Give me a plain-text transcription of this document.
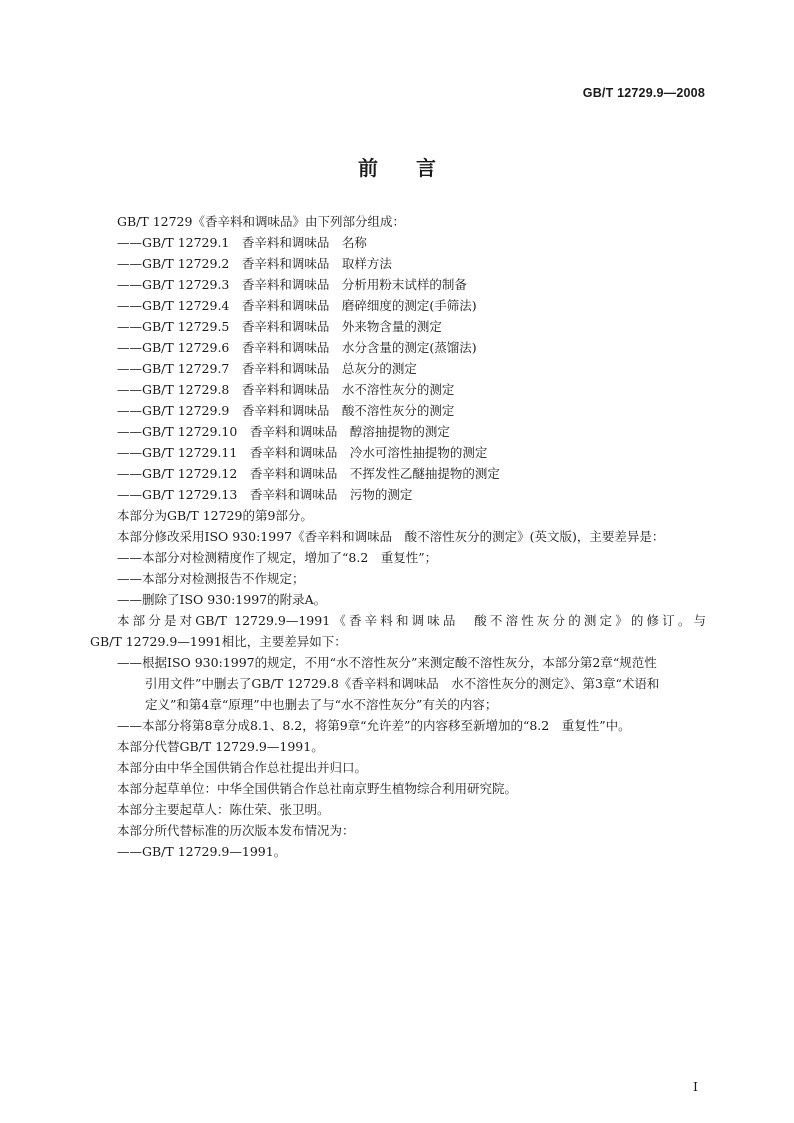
GB/T 12729.9—2008
前言
GB/T 12729《香辛料和调味品》由下列部分组成：
——GB/T 12729.1　香辛料和调味品　名称
——GB/T 12729.2　香辛料和调味品　取样方法
——GB/T 12729.3　香辛料和调味品　分析用粉末试样的制备
——GB/T 12729.4　香辛料和调味品　磨碎细度的测定(手筛法)
——GB/T 12729.5　香辛料和调味品　外来物含量的测定
——GB/T 12729.6　香辛料和调味品　水分含量的测定(蒸馏法)
——GB/T 12729.7　香辛料和调味品　总灰分的测定
——GB/T 12729.8　香辛料和调味品　水不溶性灰分的测定
——GB/T 12729.9　香辛料和调味品　酸不溶性灰分的测定
——GB/T 12729.10　香辛料和调味品　醇溶抽提物的测定
——GB/T 12729.11　香辛料和调味品　冷水可溶性抽提物的测定
——GB/T 12729.12　香辛料和调味品　不挥发性乙醚抽提物的测定
——GB/T 12729.13　香辛料和调味品　污物的测定
本部分为GB/T 12729的第9部分。
本部分修改采用ISO 930:1997《香辛料和调味品　酸不溶性灰分的测定》(英文版)，主要差异是：
——本部分对检测精度作了规定，增加了“8.2　重复性”；
——本部分对检测报告不作规定；
——删除了ISO 930:1997的附录A。
本部分是对GB/T 12729.9—1991《香辛料和调味品　酸不溶性灰分的测定》的修订。与
GB/T 12729.9—1991相比，主要差异如下：
——根据ISO 930:1997的规定，不用“水不溶性灰分”来测定酸不溶性灰分，本部分第2章“规范性
引用文件”中删去了GB/T 12729.8《香辛料和调味品　水不溶性灰分的测定》、第3章“术语和
定义”和第4章“原理”中也删去了与“水不溶性灰分”有关的内容；
——本部分将第8章分成8.1、8.2，将第9章“允许差”的内容移至新增加的“8.2　重复性”中。
本部分代替GB/T 12729.9—1991。
本部分由中华全国供销合作总社提出并归口。
本部分起草单位：中华全国供销合作总社南京野生植物综合利用研究院。
本部分主要起草人：陈仕荣、张卫明。
本部分所代替标准的历次版本发布情况为：
——GB/T 12729.9—1991。
I
